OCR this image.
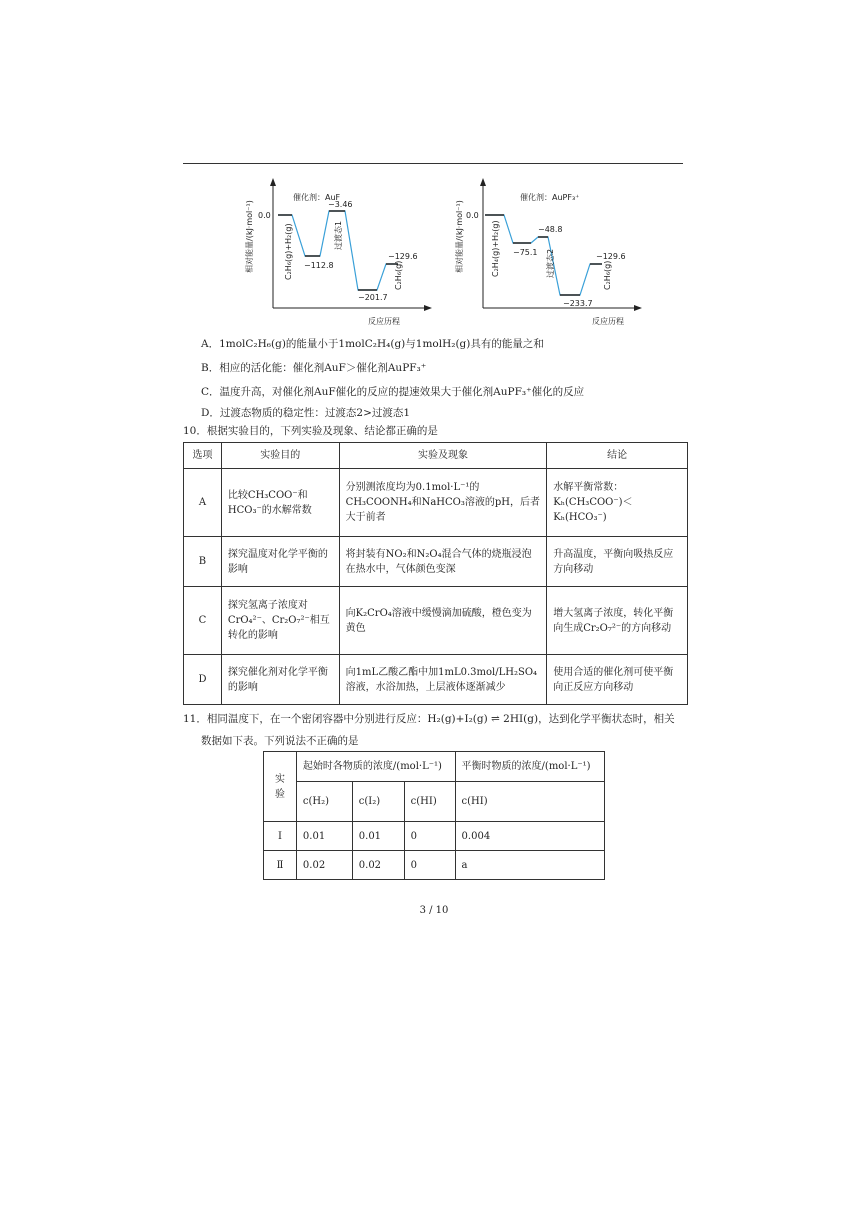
催化剂：AuF
0.0
相对能量/(kJ·mol⁻¹)
反应历程
−112.8
−3.46
−201.7
−129.6
C₂H₆(g)+H₂(g)	过渡态1
C₂H₆(g)
催化剂：AuPF₃⁺
0.0
相对能量/(kJ·mol⁻¹)
反应历程
−75.1
−48.8
−233.7
−129.6
C₂H₄(g)+H₂(g)	过渡态2	C₂H₆(g)
A．1molC₂H₆(g)的能量小于1molC₂H₄(g)与1molH₂(g)具有的能量之和
B．相应的活化能：催化剂AuF＞催化剂AuPF₃⁺
C．温度升高，对催化剂AuF催化的反应的提速效果大于催化剂AuPF₃⁺催化的反应
D．过渡态物质的稳定性：过渡态2>过渡态1
10．根据实验目的，下列实验及现象、结论都正确的是
选项	实验目的	实验及现象	结论
A	比较CH₃COO⁻和HCO₃⁻的水解常数	分别测浓度均为0.1mol·L⁻¹的CH₃COONH₄和NaHCO₃溶液的pH，后者大于前者	水解平衡常数：Kₕ(CH₃COO⁻)＜Kₕ(HCO₃⁻)
B	探究温度对化学平衡的影响	将封装有NO₂和N₂O₄混合气体的烧瓶浸泡在热水中，气体颜色变深	升高温度，平衡向吸热反应方向移动
C	探究氢离子浓度对CrO₄²⁻、Cr₂O₇²⁻相互转化的影响	向K₂CrO₄溶液中缓慢滴加硫酸，橙色变为黄色	增大氢离子浓度，转化平衡向生成Cr₂O₇²⁻的方向移动
D	探究催化剂对化学平衡的影响	向1mL乙酸乙酯中加1mL0.3mol/LH₂SO₄溶液，水浴加热，上层液体逐渐减少	使用合适的催化剂可使平衡向正反应方向移动
11．相同温度下，在一个密闭容器中分别进行反应：H₂(g)+I₂(g) ⇌ 2HI(g)，达到化学平衡状态时，相关
数据如下表。下列说法不正确的是
实验	起始时各物质的浓度/(mol·L⁻¹)			平衡时物质的浓度/(mol·L⁻¹)
	c(H₂)	c(I₂)	c(HI)	c(HI)
Ⅰ	0.01	0.01	0	0.004
Ⅱ	0.02	0.02	0	a
3 / 10
